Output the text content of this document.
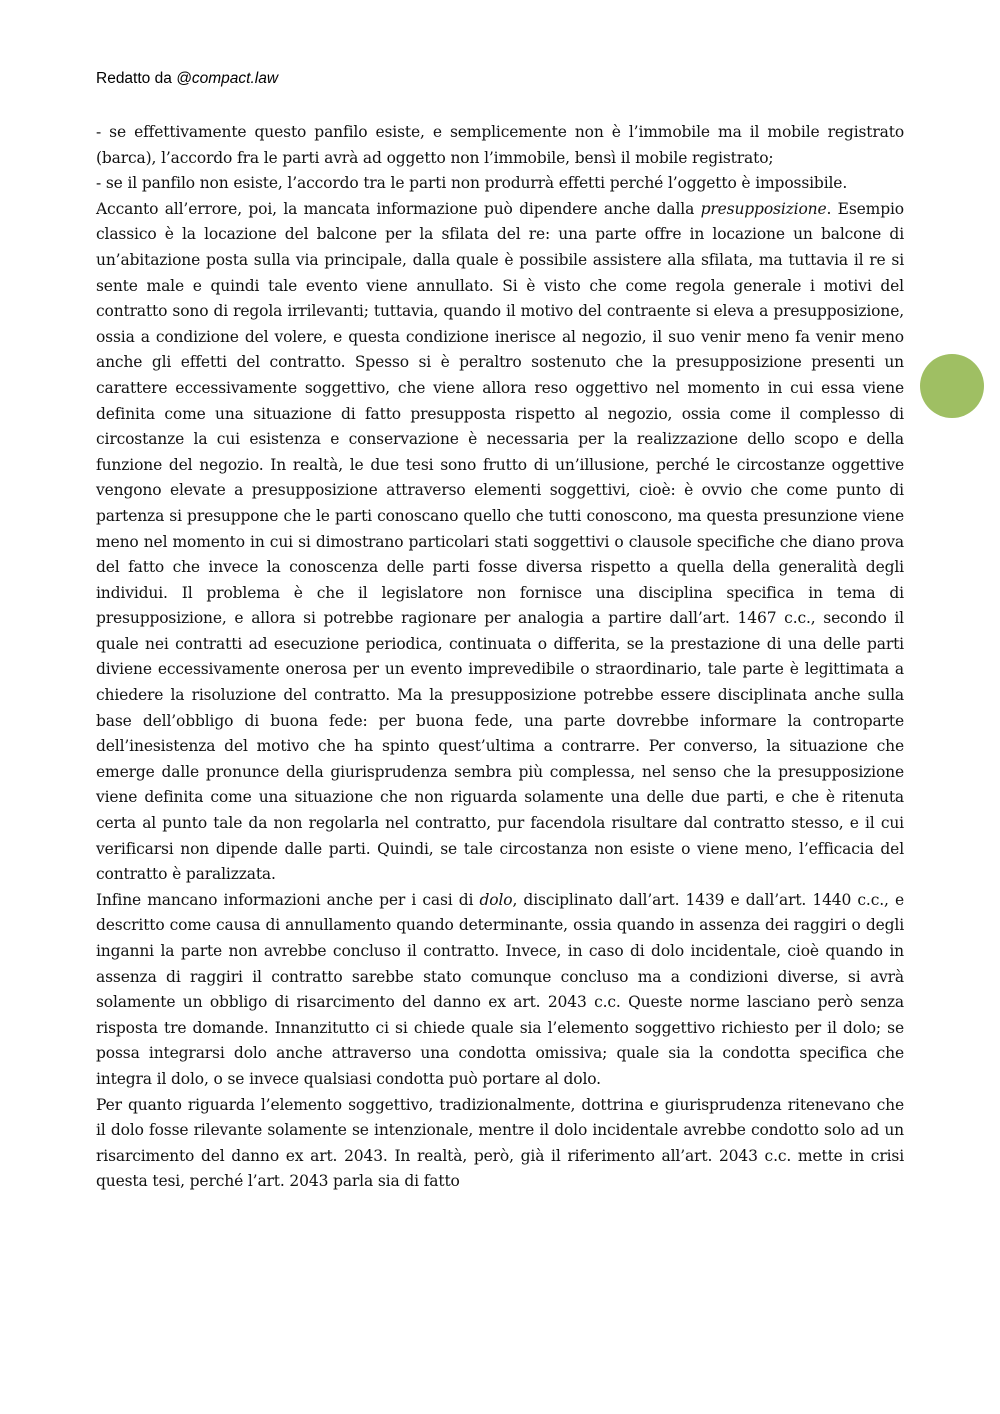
Redatto da @compact.law

- se effettivamente questo panfilo esiste, e semplicemente non è l’immobile ma il mobile registrato (barca), l’accordo fra le parti avrà ad oggetto non l’immobile, bensì il mobile registrato;

- se il panfilo non esiste, l’accordo tra le parti non produrrà effetti perché l’oggetto è impossibile.

Accanto all’errore, poi, la mancata informazione può dipendere anche dalla presupposizione. Esempio classico è la locazione del balcone per la sfilata del re: una parte offre in locazione un balcone di un’abitazione posta sulla via principale, dalla quale è possibile assistere alla sfilata, ma tuttavia il re si sente male e quindi tale evento viene annullato. Si è visto che come regola generale i motivi del contratto sono di regola irrilevanti; tuttavia, quando il motivo del contraente si eleva a presupposizione, ossia a condizione del volere, e questa condizione inerisce al negozio, il suo venir meno fa venir meno anche gli effetti del contratto. Spesso si è peraltro sostenuto che la presupposizione presenti un carattere eccessivamente soggettivo, che viene allora reso oggettivo nel momento in cui essa viene definita come una situazione di fatto presupposta rispetto al negozio, ossia come il complesso di circostanze la cui esistenza e conservazione è necessaria per la realizzazione dello scopo e della funzione del negozio. In realtà, le due tesi sono frutto di un’illusione, perché le circostanze oggettive vengono elevate a presupposizione attraverso elementi soggettivi, cioè: è ovvio che come punto di partenza si presuppone che le parti conoscano quello che tutti conoscono, ma questa presunzione viene meno nel momento in cui si dimostrano particolari stati soggettivi o clausole specifiche che diano prova del fatto che invece la conoscenza delle parti fosse diversa rispetto a quella della generalità degli individui. Il problema è che il legislatore non fornisce una disciplina specifica in tema di presupposizione, e allora si potrebbe ragionare per analogia a partire dall’art. 1467 c.c., secondo il quale nei contratti ad esecuzione periodica, continuata o differita, se la prestazione di una delle parti diviene eccessivamente onerosa per un evento imprevedibile o straordinario, tale parte è legittimata a chiedere la risoluzione del contratto. Ma la presupposizione potrebbe essere disciplinata anche sulla base dell’obbligo di buona fede: per buona fede, una parte dovrebbe informare la controparte dell’inesistenza del motivo che ha spinto quest’ultima a contrarre. Per converso, la situazione che emerge dalle pronunce della giurisprudenza sembra più complessa, nel senso che la presupposizione viene definita come una situazione che non riguarda solamente una delle due parti, e che è ritenuta certa al punto tale da non regolarla nel contratto, pur facendola risultare dal contratto stesso, e il cui verificarsi non dipende dalle parti. Quindi, se tale circostanza non esiste o viene meno, l’efficacia del contratto è paralizzata.

Infine mancano informazioni anche per i casi di dolo, disciplinato dall’art. 1439 e dall’art. 1440 c.c., e descritto come causa di annullamento quando determinante, ossia quando in assenza dei raggiri o degli inganni la parte non avrebbe concluso il contratto. Invece, in caso di dolo incidentale, cioè quando in assenza di raggiri il contratto sarebbe stato comunque concluso ma a condizioni diverse, si avrà solamente un obbligo di risarcimento del danno ex art. 2043 c.c. Queste norme lasciano però senza risposta tre domande. Innanzitutto ci si chiede quale sia l’elemento soggettivo richiesto per il dolo; se possa integrarsi dolo anche attraverso una condotta omissiva; quale sia la condotta specifica che integra il dolo, o se invece qualsiasi condotta può portare al dolo.

Per quanto riguarda l’elemento soggettivo, tradizionalmente, dottrina e giurisprudenza ritenevano che il dolo fosse rilevante solamente se intenzionale, mentre il dolo incidentale avrebbe condotto solo ad un risarcimento del danno ex art. 2043. In realtà, però, già il riferimento all’art. 2043 c.c. mette in crisi questa tesi, perché l’art. 2043 parla sia di fatto
